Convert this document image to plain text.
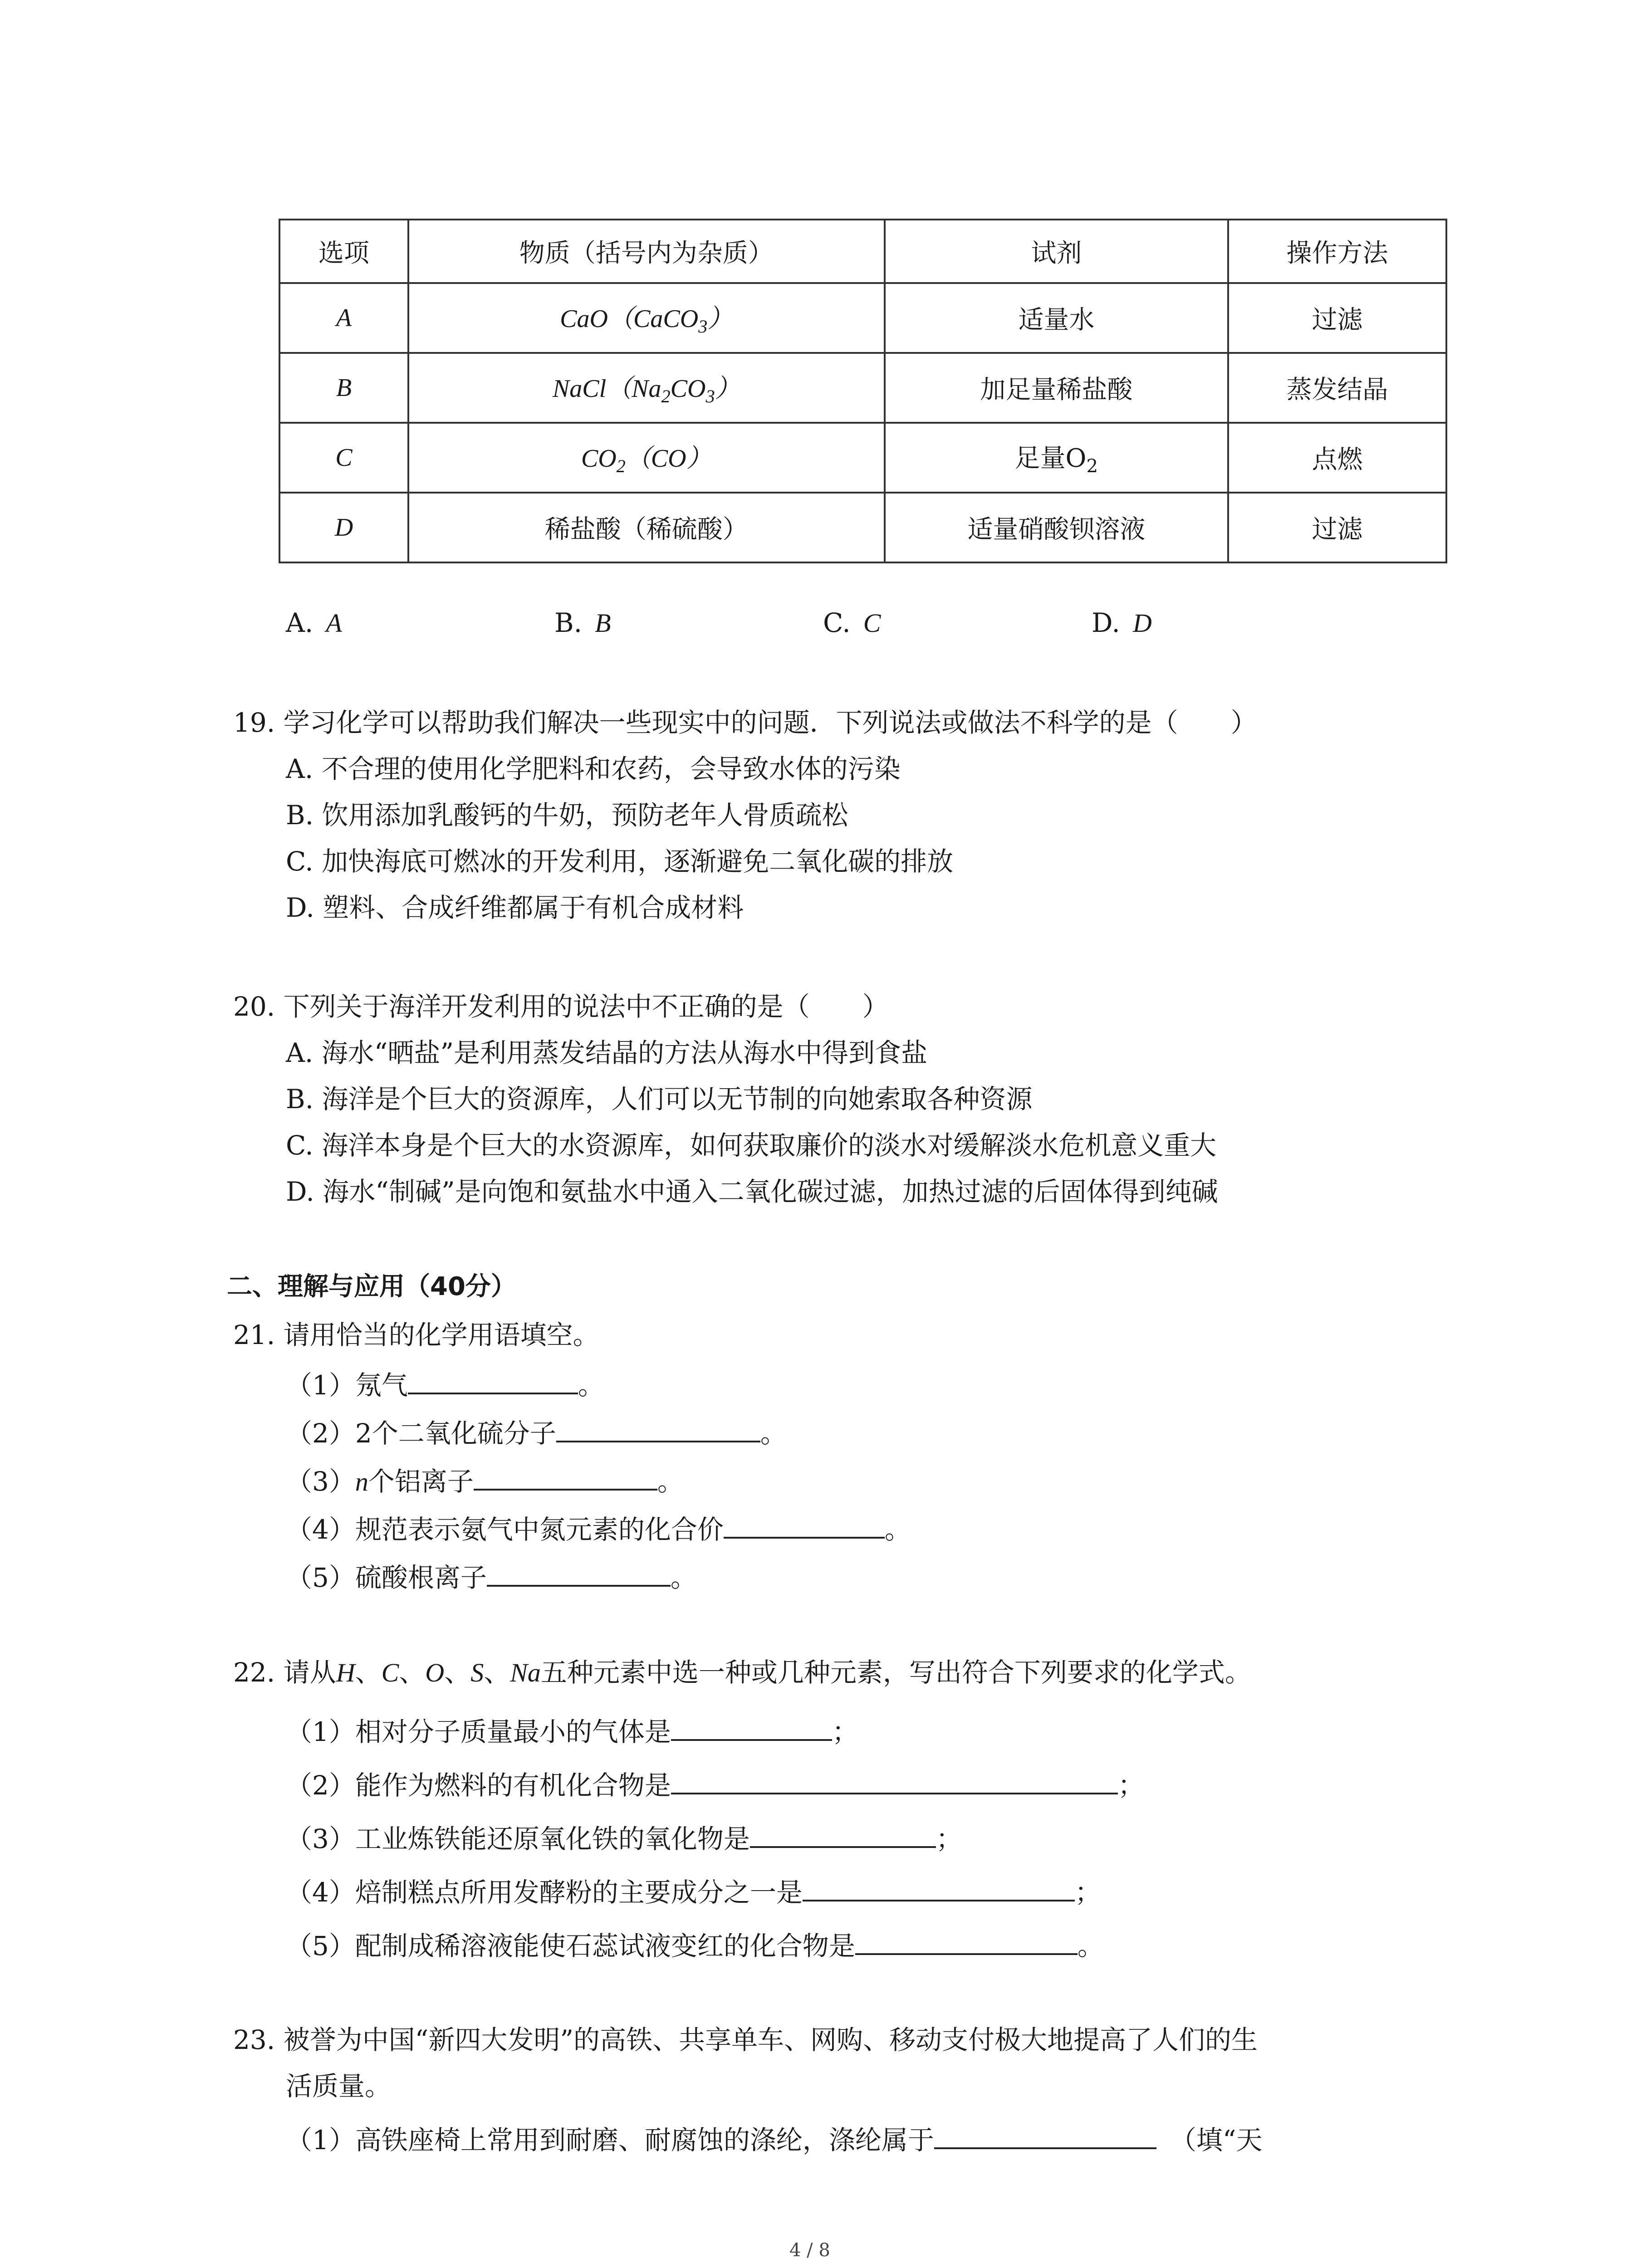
选项	物质（括号内为杂质）	试剂	操作方法
A	CaO（CaCO$_3$）	适量水	过滤
B	$NaCl(Na_2CO_3)$	加足量稀盐酸	蒸发结晶
C	$CO_2(CO)$	足量$O_2$	点燃
D	稀盐酸（稀硫酸）	适量硝酸钡溶液	过滤
A. A	B. B	C. C	D. D
19. 学习化学可以帮助我们解决一些现实中的问题．下列说法或做法不科学的是（　　）
A. 不合理的使用化学肥料和农药，会导致水体的污染
B. 饮用添加乳酸钙的牛奶，预防老年人骨质疏松
C. 加快海底可燃冰的开发利用，逐渐避免二氧化碳的排放
D. 塑料、合成纤维都属于有机合成材料
20. 下列关于海洋开发利用的说法中不正确的是（　　）
A. 海水“晒盐”是利用蒸发结晶的方法从海水中得到食盐
B. 海洋是个巨大的资源库，人们可以无节制的向她索取各种资源
C. 海洋本身是个巨大的水资源库，如何获取廉价的淡水对缓解淡水危机意义重大
D. 海水“制碱”是向饱和氨盐水中通入二氧化碳过滤，加热过滤的后固体得到纯碱
二、理解与应用（40分）
21. 请用恰当的化学用语填空。
（1）氖气	。
（2）2个二氧化硫分子	。
（3）n个铝离子	。
（4）规范表示氨气中氮元素的化合价	。
（5）硫酸根离子	。
22. 请从H、C、O、S、Na五种元素中选一种或几种元素，写出符合下列要求的化学式。
（1）相对分子质量最小的气体是	；
（2）能作为燃料的有机化合物是	；
（3）工业炼铁能还原氧化铁的氧化物是	；
（4）焙制糕点所用发酵粉的主要成分之一是	；
（5）配制成稀溶液能使石蕊试液变红的化合物是	。
23. 被誉为中国“新四大发明”的高铁、共享单车、网购、移动支付极大地提高了人们的生
活质量。
（1）高铁座椅上常用到耐磨、耐腐蚀的涤纶，涤纶属于	（填“天
4 / 8
